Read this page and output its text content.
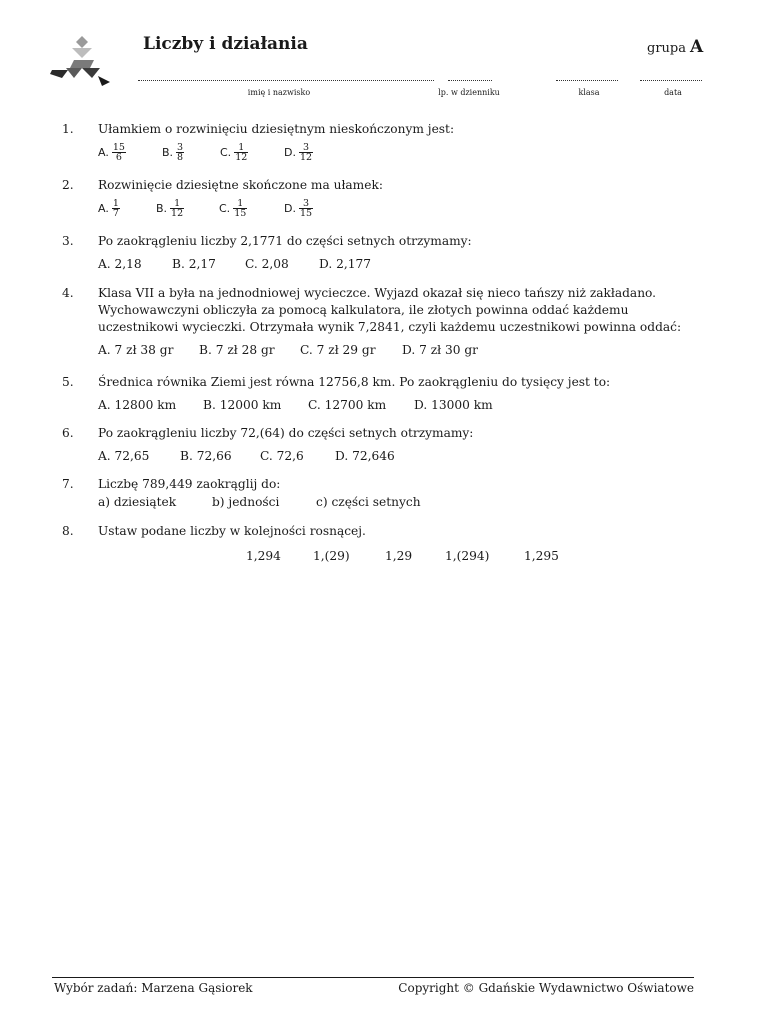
Liczby i działania	grupa A
imię i nazwisko	lp. w dzienniku	klasa	data
1. Ułamkiem o rozwinięciu dziesiętnym nieskończonym jest:
A. $\frac{15}{6}$	B. $\frac{3}{8}$	C. $\frac{1}{12}$	D. $\frac{3}{12}$
2. Rozwinięcie dziesiętne skończone ma ułamek:
A. $\frac{1}{7}$	B. $\frac{1}{12}$	C. $\frac{1}{15}$	D. $\frac{3}{15}$
3. Po zaokrągleniu liczby 2,1771 do części setnych otrzymamy:
A. 2,18 B. 2,17 C. 2,08 D. 2,177
4. Klasa VII a była na jednodniowej wycieczce. Wyjazd okazał się nieco tańszy niż zakładano. Wychowawczyni obliczyła za pomocą kalkulatora, ile złotych powinna oddać każdemu uczestnikowi wycieczki. Otrzymała wynik 7,2841, czyli każdemu uczestnikowi powinna oddać:
A. 7 zł 38 gr B. 7 zł 28 gr C. 7 zł 29 gr D. 7 zł 30 gr
5. Średnica równika Ziemi jest równa 12756,8 km. Po zaokrągleniu do tysięcy jest to:
A. 12800 km B. 12000 km C. 12700 km D. 13000 km
6. Po zaokrągleniu liczby 72,(64) do części setnych otrzymamy:
A. 72,65	B. 72,66 C. 72,6	D. 72,646
7. Liczbę 789,449 zaokrąglij do:
a) dziesiątek	b) jedności	c) części setnych
8. Ustaw podane liczby w kolejności rosnącej.
1,294	1,(29)	1,29	1,(294)	1,295
Wybór zadań: Marzena Gąsiorek	Copyright © Gdańskie Wydawnictwo Oświatowe
